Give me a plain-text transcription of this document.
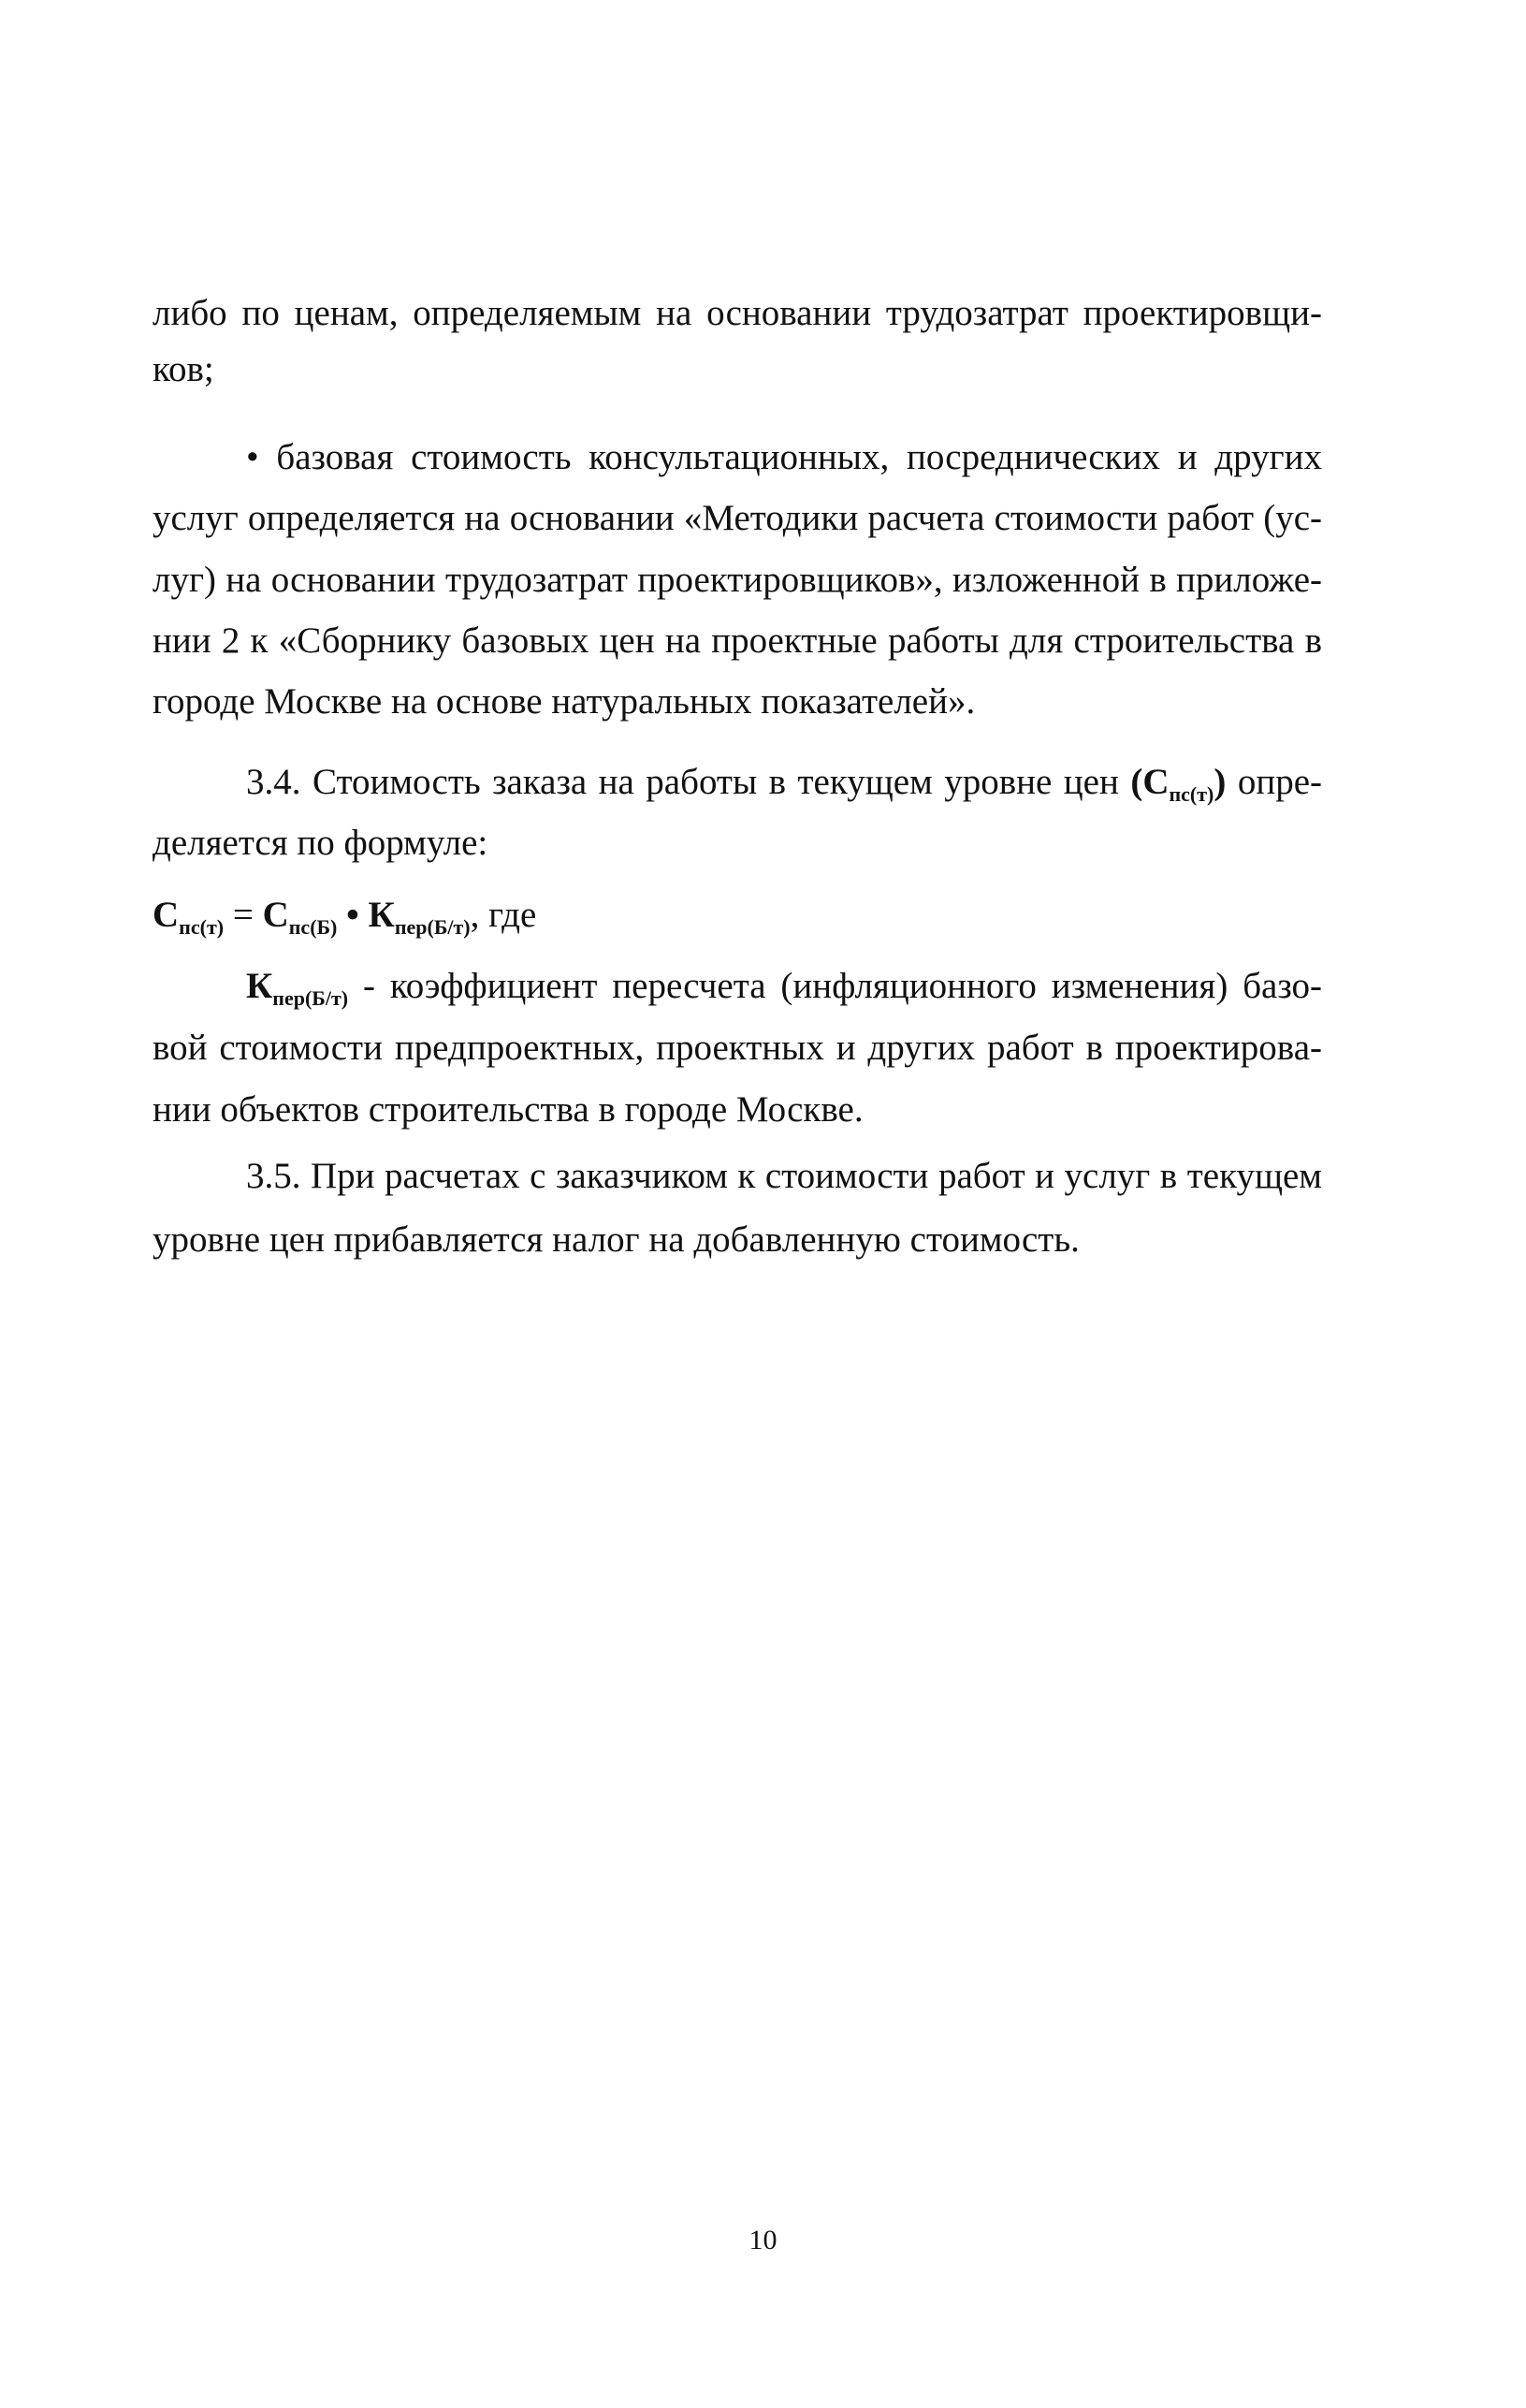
либо по ценам, определяемым на основании трудозатрат проектировщи-
ков;
• базовая стоимость консультационных, посреднических и других
услуг определяется на основании «Методики расчета стоимости работ (ус-
луг) на основании трудозатрат проектировщиков», изложенной в приложе-
нии 2 к «Сборнику базовых цен на проектные работы для строительства в
городе Москве на основе натуральных показателей».
3.4. Стоимость заказа на работы в текущем уровне цен $(С_{пс(т)})$ опре-
деляется по формуле:
$С_{пс(т)} = С_{пс(Б)}$ • $К_{пер(Б/т)}$, где
$К_{пер(Б/т)}$ - коэффициент пересчета (инфляционного изменения) базо-
вой стоимости предпроектных, проектных и других работ в проектирова-
нии объектов строительства в городе Москве.
3.5. При расчетах с заказчиком к стоимости работ и услуг в текущем
уровне цен прибавляется налог на добавленную стоимость.
10
